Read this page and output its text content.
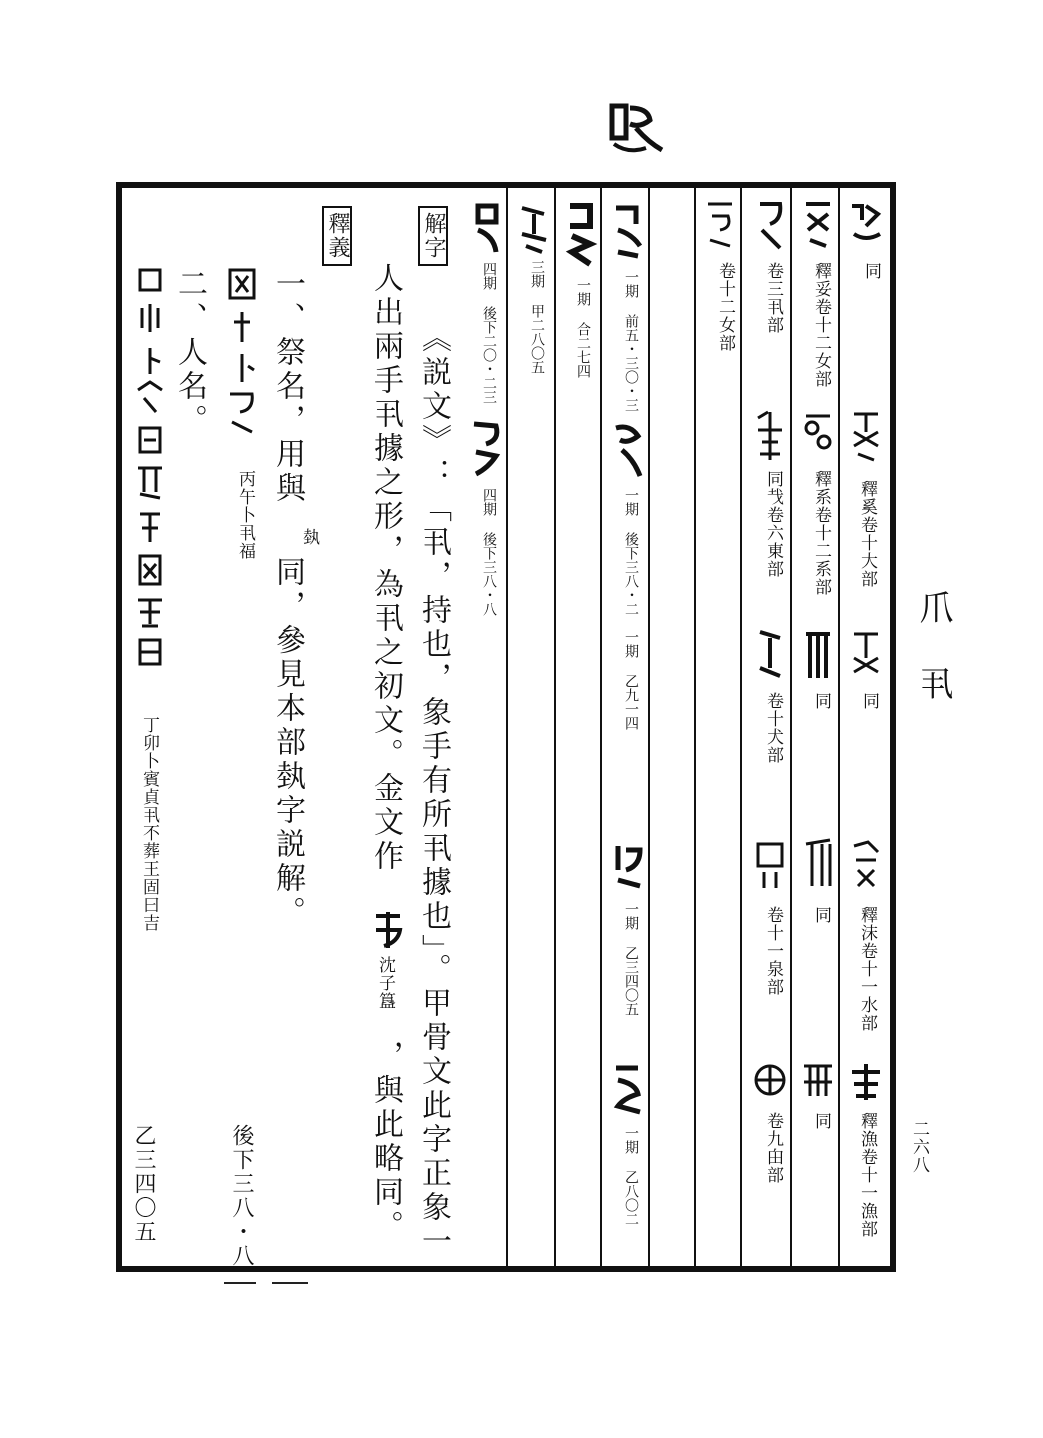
爪　丮
二六八
同
釋奚卷十大部
同
釋沫卷十一水部
釋漁卷十一漁部
釋妥卷十二女部
釋系卷十二系部
同
同
同
卷三丮部
同𢦏卷六東部
卷十犬部
卷十一泉部
卷九甶部
卷十二女部
一期 前五・三〇・三
一期 後下三八・二
一期 乙九一四
一期 乙三四〇五
一期 乙八〇二
一期 合二七四
三期 甲二八〇五
四期 後下二〇・二三
四期 後下三八・八
解字
《説文》：「丮，持也，象手有所丮據也」。甲骨文此字正象一
人出兩手丮據之形，為丮之初文。金文作
沈子簋
，與此略同。
釋義
一、祭名，用與
埶
同，參見本部埶字説解。
二、人名。
丙午卜丮福
後下三八・八
丁卯卜賓貞丮不葬王固曰吉
乙三四〇五
